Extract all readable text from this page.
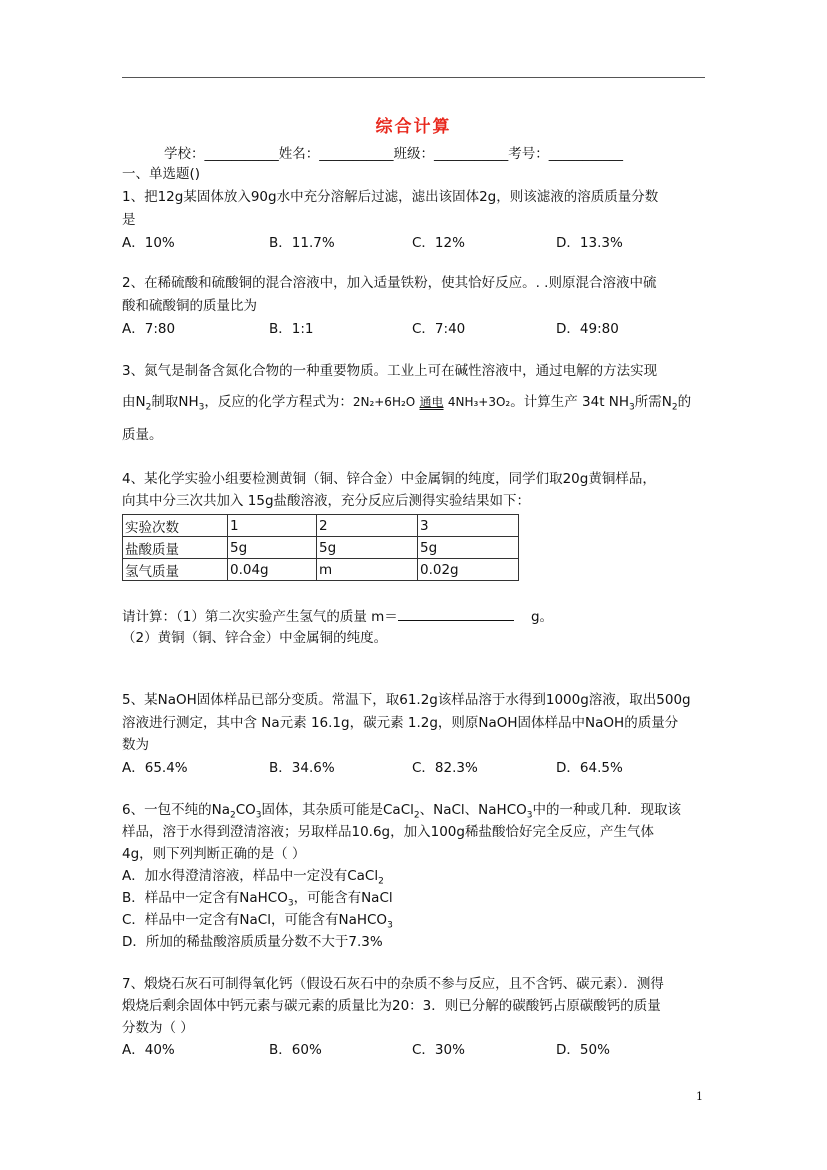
综合计算
学校：___________姓名：___________班级：___________考号：___________
一、单选题()
1、把12g某固体放入90g水中充分溶解后过滤，滤出该固体2g，则该滤液的溶质质量分数
是
A．10%	B．11.7%	C．12%	D．13.3%
2、在稀硫酸和硫酸铜的混合溶液中，加入适量铁粉，使其恰好反应。. .则原混合溶液中硫
酸和硫酸铜的质量比为
A．7:80	B．1:1	C．7:40	D．49:80
3、氮气是制备含氮化合物的一种重要物质。工业上可在碱性溶液中，通过电解的方法实现
由$N_2$制取$NH_3$，反应的化学方程式为：2N₂+6H₂O 通电 4NH₃+3O₂。计算生产 34t $NH_3$所需$N_2$的
质量。
4、某化学实验小组要检测黄铜（铜、锌合金）中金属铜的纯度，同学们取20g黄铜样品，
向其中分三次共加入 15g盐酸溶液，充分反应后测得实验结果如下：
实验次数	1	2	3
盐酸质量	5g	5g	5g
氢气质量	0.04g	m	0.02g
请计算：（1）第二次实验产生氢气的质量 m＝	g。
（2）黄铜（铜、锌合金）中金属铜的纯度。
5、某NaOH固体样品已部分变质。常温下，取61.2g该样品溶于水得到1000g溶液，取出500g
溶液进行测定，其中含 Na元素 16.1g，碳元素 1.2g，则原NaOH固体样品中NaOH的质量分
数为
A．65.4%	B．34.6%	C．82.3%	D．64.5%
6、一包不纯的$Na_2CO_3$固体，其杂质可能是CaCl$_2$、NaCl、NaHCO$_3$中的一种或几种．现取该
样品，溶于水得到澄清溶液；另取样品10.6g，加入100g稀盐酸恰好完全反应，产生气体
4g，则下列判断正确的是（ ）
A．加水得澄清溶液，样品中一定没有CaCl$_2$
B．样品中一定含有NaHCO$_3$，可能含有NaCl
C．样品中一定含有NaCl，可能含有NaHCO$_3$
D．所加的稀盐酸溶质质量分数不大于7.3%
7、煅烧石灰石可制得氧化钙（假设石灰石中的杂质不参与反应，且不含钙、碳元素）．测得
煅烧后剩余固体中钙元素与碳元素的质量比为20：3．则已分解的碳酸钙占原碳酸钙的质量
分数为（ ）
A．40%	B．60%	C．30%	D．50%
1
